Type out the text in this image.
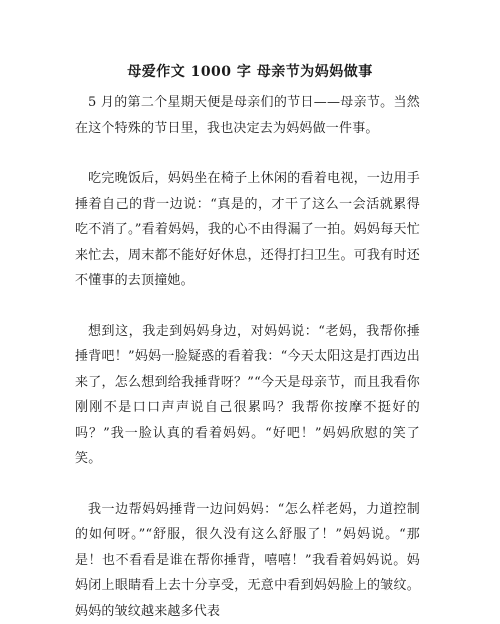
母爱作文 1000 字 母亲节为妈妈做事

5 月的第二个星期天便是母亲们的节日——母亲节。当然在这个特殊的节日里，我也决定去为妈妈做一件事。

吃完晚饭后，妈妈坐在椅子上休闲的看着电视，一边用手捶着自己的背一边说：“真是的，才干了这么一会活就累得吃不消了。”看着妈妈，我的心不由得漏了一拍。妈妈每天忙来忙去，周末都不能好好休息，还得打扫卫生。可我有时还不懂事的去顶撞她。

想到这，我走到妈妈身边，对妈妈说：“老妈，我帮你捶捶背吧！”妈妈一脸疑惑的看着我：“今天太阳这是打西边出来了，怎么想到给我捶背呀？”“今天是母亲节，而且我看你刚刚不是口口声声说自己很累吗？我帮你按摩不挺好的吗？”我一脸认真的看着妈妈。“好吧！”妈妈欣慰的笑了笑。

我一边帮妈妈捶背一边问妈妈：“怎么样老妈，力道控制的如何呀。”“舒服，很久没有这么舒服了！”妈妈说。“那是！也不看看是谁在帮你捶背，嘻嘻！”我看着妈妈说。妈妈闭上眼睛看上去十分享受，无意中看到妈妈脸上的皱纹。妈妈的皱纹越来越多代表
